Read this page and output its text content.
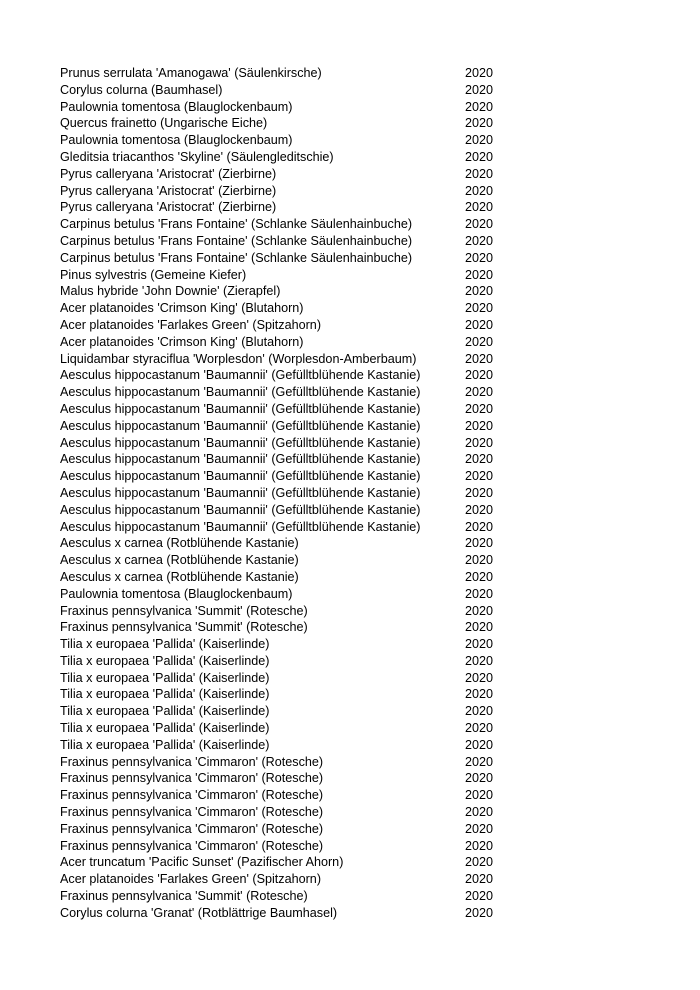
Prunus serrulata 'Amanogawa' (Säulenkirsche)	2020
Corylus colurna (Baumhasel)	2020
Paulownia tomentosa (Blauglockenbaum)	2020
Quercus frainetto (Ungarische Eiche)	2020
Paulownia tomentosa (Blauglockenbaum)	2020
Gleditsia triacanthos 'Skyline' (Säulengleditschie)	2020
Pyrus calleryana 'Aristocrat' (Zierbirne)	2020
Pyrus calleryana 'Aristocrat' (Zierbirne)	2020
Pyrus calleryana 'Aristocrat' (Zierbirne)	2020
Carpinus betulus 'Frans Fontaine' (Schlanke Säulenhainbuche)	2020
Carpinus betulus 'Frans Fontaine' (Schlanke Säulenhainbuche)	2020
Carpinus betulus 'Frans Fontaine' (Schlanke Säulenhainbuche)	2020
Pinus sylvestris (Gemeine Kiefer)	2020
Malus hybride 'John Downie' (Zierapfel)	2020
Acer platanoides 'Crimson King' (Blutahorn)	2020
Acer platanoides 'Farlakes Green' (Spitzahorn)	2020
Acer platanoides 'Crimson King' (Blutahorn)	2020
Liquidambar styraciflua 'Worplesdon' (Worplesdon-Amberbaum)	2020
Aesculus hippocastanum 'Baumannii' (Gefülltblühende Kastanie)	2020
Aesculus hippocastanum 'Baumannii' (Gefülltblühende Kastanie)	2020
Aesculus hippocastanum 'Baumannii' (Gefülltblühende Kastanie)	2020
Aesculus hippocastanum 'Baumannii' (Gefülltblühende Kastanie)	2020
Aesculus hippocastanum 'Baumannii' (Gefülltblühende Kastanie)	2020
Aesculus hippocastanum 'Baumannii' (Gefülltblühende Kastanie)	2020
Aesculus hippocastanum 'Baumannii' (Gefülltblühende Kastanie)	2020
Aesculus hippocastanum 'Baumannii' (Gefülltblühende Kastanie)	2020
Aesculus hippocastanum 'Baumannii' (Gefülltblühende Kastanie)	2020
Aesculus hippocastanum 'Baumannii' (Gefülltblühende Kastanie)	2020
Aesculus x carnea (Rotblühende Kastanie)	2020
Aesculus x carnea (Rotblühende Kastanie)	2020
Aesculus x carnea (Rotblühende Kastanie)	2020
Paulownia tomentosa (Blauglockenbaum)	2020
Fraxinus pennsylvanica 'Summit' (Rotesche)	2020
Fraxinus pennsylvanica 'Summit' (Rotesche)	2020
Tilia x europaea 'Pallida' (Kaiserlinde)	2020
Tilia x europaea 'Pallida' (Kaiserlinde)	2020
Tilia x europaea 'Pallida' (Kaiserlinde)	2020
Tilia x europaea 'Pallida' (Kaiserlinde)	2020
Tilia x europaea 'Pallida' (Kaiserlinde)	2020
Tilia x europaea 'Pallida' (Kaiserlinde)	2020
Tilia x europaea 'Pallida' (Kaiserlinde)	2020
Fraxinus pennsylvanica 'Cimmaron' (Rotesche)	2020
Fraxinus pennsylvanica 'Cimmaron' (Rotesche)	2020
Fraxinus pennsylvanica 'Cimmaron' (Rotesche)	2020
Fraxinus pennsylvanica 'Cimmaron' (Rotesche)	2020
Fraxinus pennsylvanica 'Cimmaron' (Rotesche)	2020
Fraxinus pennsylvanica 'Cimmaron' (Rotesche)	2020
Acer truncatum 'Pacific Sunset' (Pazifischer Ahorn)	2020
Acer platanoides 'Farlakes Green' (Spitzahorn)	2020
Fraxinus pennsylvanica 'Summit' (Rotesche)	2020
Corylus colurna 'Granat' (Rotblättrige Baumhasel)	2020
